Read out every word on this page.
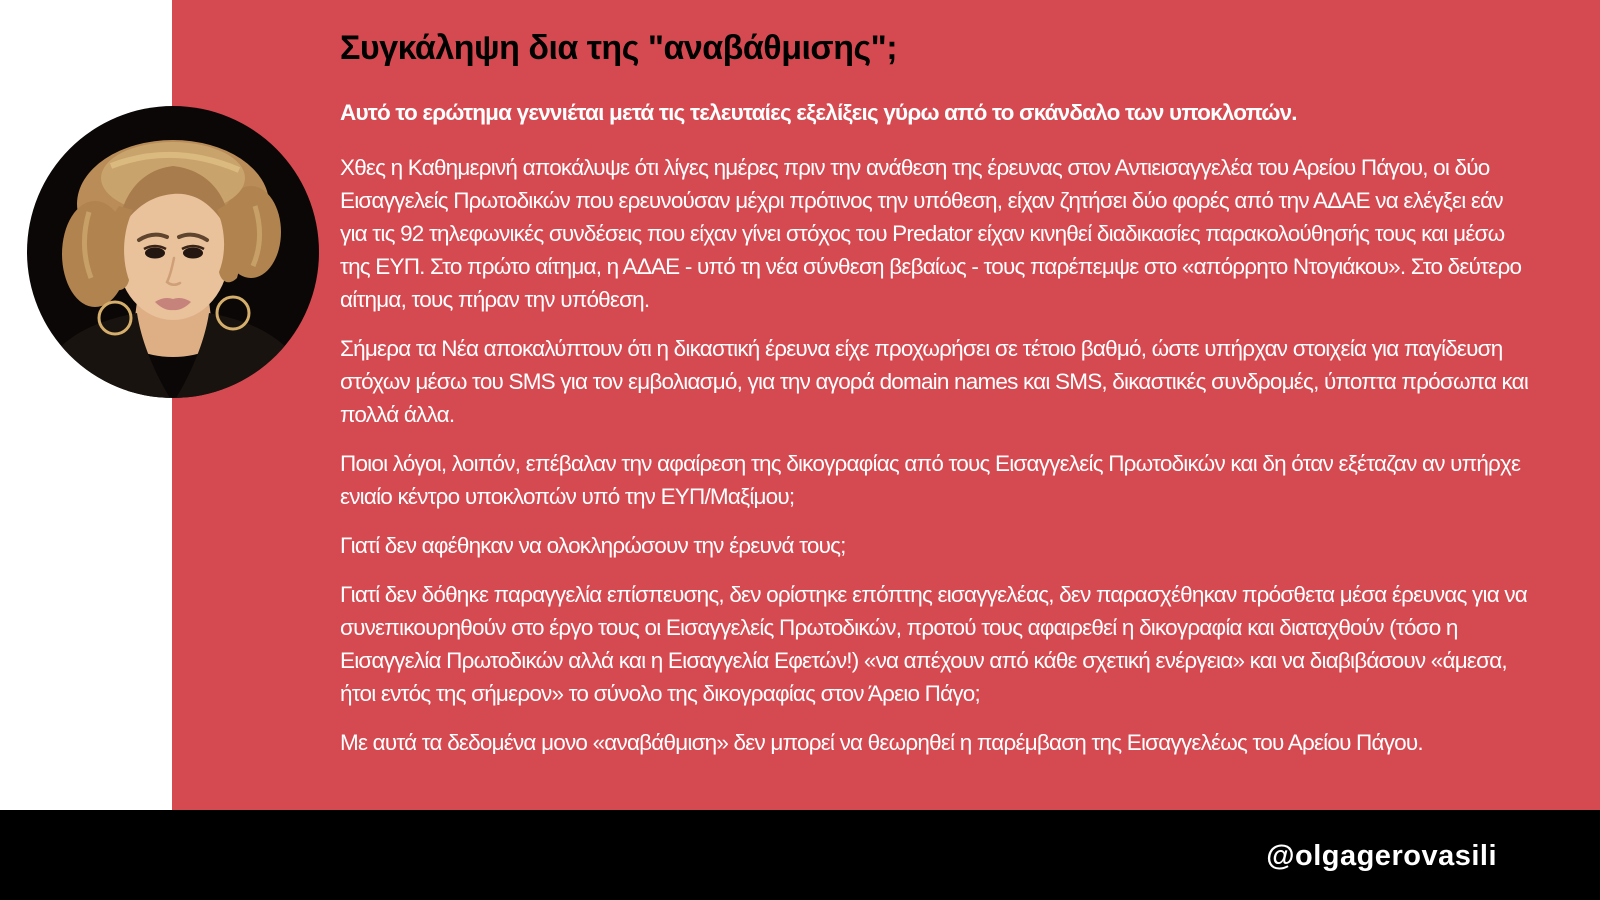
Συγκάληψη δια της "αναβάθμισης";

Αυτό το ερώτημα γεννιέται μετά τις τελευταίες εξελίξεις γύρω από το σκάνδαλο των υποκλοπών.

Χθες η Καθημερινή αποκάλυψε ότι λίγες ημέρες πριν την ανάθεση της έρευνας στον Αντιεισαγγελέα του Αρείου Πάγου, οι δύο Εισαγγελείς Πρωτοδικών που ερευνούσαν μέχρι πρότινος την υπόθεση, είχαν ζητήσει δύο φορές από την ΑΔΑΕ να ελέγξει εάν για τις 92 τηλεφωνικές συνδέσεις που είχαν γίνει στόχος του Predator είχαν κινηθεί διαδικασίες παρακολούθησής τους και μέσω της ΕΥΠ. Στο πρώτο αίτημα, η ΑΔΑΕ - υπό τη νέα σύνθεση βεβαίως - τους παρέπεμψε στο «απόρρητο Ντογιάκου». Στο δεύτερο αίτημα, τους πήραν την υπόθεση.

Σήμερα τα Νέα αποκαλύπτουν ότι η δικαστική έρευνα είχε προχωρήσει σε τέτοιο βαθμό, ώστε υπήρχαν στοιχεία για παγίδευση στόχων μέσω του SMS για τον εμβολιασμό, για την αγορά domain names και SMS, δικαστικές συνδρομές, ύποπτα πρόσωπα και πολλά άλλα.

Ποιοι λόγοι, λοιπόν, επέβαλαν την αφαίρεση της δικογραφίας από τους Εισαγγελείς Πρωτοδικών και δη όταν εξέταζαν αν υπήρχε ενιαίο κέντρο υποκλοπών υπό την ΕΥΠ/Μαξίμου;

Γιατί δεν αφέθηκαν να ολοκληρώσουν την έρευνά τους;

Γιατί δεν δόθηκε παραγγελία επίσπευσης, δεν ορίστηκε επόπτης εισαγγελέας, δεν παρασχέθηκαν πρόσθετα μέσα έρευνας για να συνεπικουρηθούν στο έργο τους οι Εισαγγελείς Πρωτοδικών, προτού τους αφαιρεθεί η δικογραφία και διαταχθούν (τόσο η Εισαγγελία Πρωτοδικών αλλά και η Εισαγγελία Εφετών!) «να απέχουν από κάθε σχετική ενέργεια» και να διαβιβάσουν «άμεσα, ήτοι εντός της σήμερον» το σύνολο της δικογραφίας στον Άρειο Πάγο;

Με αυτά τα δεδομένα μονο «αναβάθμιση» δεν μπορεί να θεωρηθεί η παρέμβαση της Εισαγγελέως του Αρείου Πάγου.

@olgagerovasili
